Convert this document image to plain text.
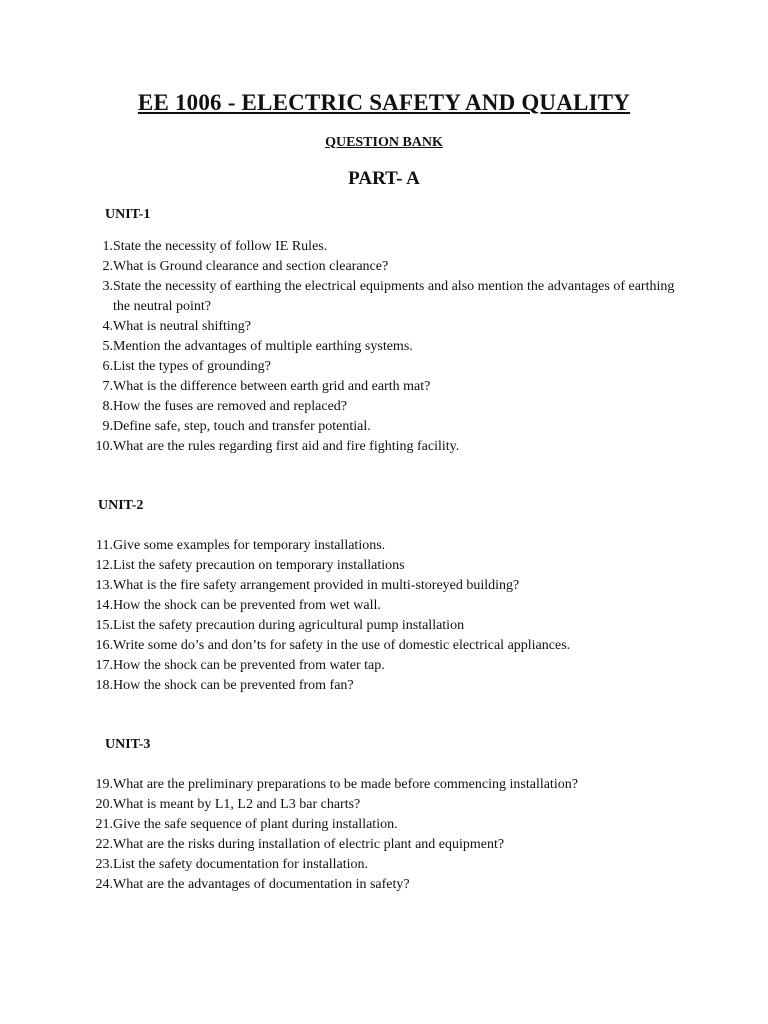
EE 1006 - ELECTRIC SAFETY AND QUALITY
QUESTION BANK
PART- A
UNIT-1
1. State the necessity of follow IE Rules.
2. What is Ground clearance and section clearance?
3. State the necessity of earthing the electrical equipments and also mention the advantages of earthing the neutral point?
4. What is neutral shifting?
5. Mention the advantages of multiple earthing systems.
6. List the types of grounding?
7. What is the difference between earth grid and earth mat?
8. How the fuses are removed and replaced?
9. Define safe, step, touch and transfer potential.
10. What are the rules regarding first aid and fire fighting facility.
UNIT-2
11. Give some examples for temporary installations.
12. List the safety precaution on temporary installations
13. What is the fire safety arrangement provided in multi-storeyed building?
14. How the shock can be prevented from wet wall.
15. List the safety precaution during agricultural pump installation
16. Write some do’s and don’ts for safety in the use of domestic electrical appliances.
17. How the shock can be prevented from water tap.
18. How the shock can be prevented from fan?
UNIT-3
19. What are the preliminary preparations to be made before commencing installation?
20. What is meant by L1, L2 and L3 bar charts?
21. Give the safe sequence of plant during installation.
22. What are the risks during installation of electric plant and equipment?
23. List the safety documentation for installation.
24. What are the advantages of documentation in safety?
